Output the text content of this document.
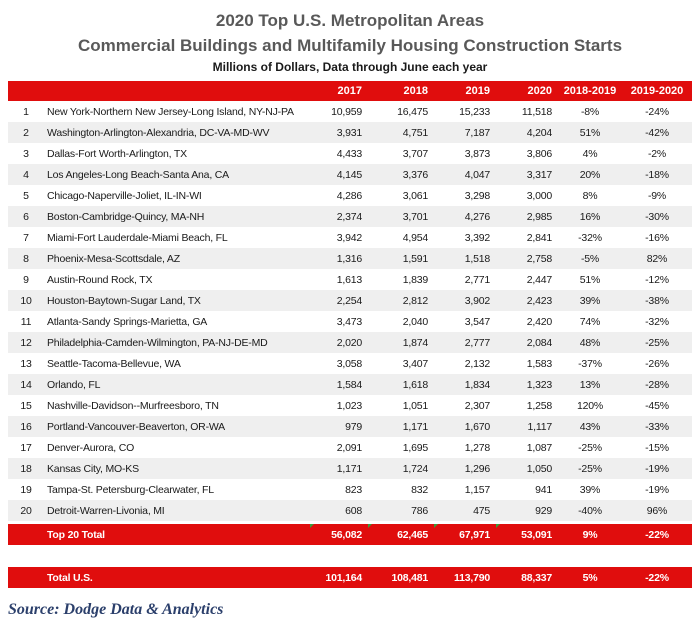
2020 Top U.S. Metropolitan Areas
Commercial Buildings and Multifamily Housing Construction Starts
Millions of Dollars, Data through June each year
		2017	2018	2019	2020	2018-2019	2019-2020
1	New York-Northern New Jersey-Long Island, NY-NJ-PA	10,959	16,475	15,233	11,518	-8%	-24%
2	Washington-Arlington-Alexandria, DC-VA-MD-WV	3,931	4,751	7,187	4,204	51%	-42%
3	Dallas-Fort Worth-Arlington, TX	4,433	3,707	3,873	3,806	4%	-2%
4	Los Angeles-Long Beach-Santa Ana, CA	4,145	3,376	4,047	3,317	20%	-18%
5	Chicago-Naperville-Joliet, IL-IN-WI	4,286	3,061	3,298	3,000	8%	-9%
6	Boston-Cambridge-Quincy, MA-NH	2,374	3,701	4,276	2,985	16%	-30%
7	Miami-Fort Lauderdale-Miami Beach, FL	3,942	4,954	3,392	2,841	-32%	-16%
8	Phoenix-Mesa-Scottsdale, AZ	1,316	1,591	1,518	2,758	-5%	82%
9	Austin-Round Rock, TX	1,613	1,839	2,771	2,447	51%	-12%
10	Houston-Baytown-Sugar Land, TX	2,254	2,812	3,902	2,423	39%	-38%
11	Atlanta-Sandy Springs-Marietta, GA	3,473	2,040	3,547	2,420	74%	-32%
12	Philadelphia-Camden-Wilmington, PA-NJ-DE-MD	2,020	1,874	2,777	2,084	48%	-25%
13	Seattle-Tacoma-Bellevue, WA	3,058	3,407	2,132	1,583	-37%	-26%
14	Orlando, FL	1,584	1,618	1,834	1,323	13%	-28%
15	Nashville-Davidson--Murfreesboro, TN	1,023	1,051	2,307	1,258	120%	-45%
16	Portland-Vancouver-Beaverton, OR-WA	979	1,171	1,670	1,117	43%	-33%
17	Denver-Aurora, CO	2,091	1,695	1,278	1,087	-25%	-15%
18	Kansas City, MO-KS	1,171	1,724	1,296	1,050	-25%	-19%
19	Tampa-St. Petersburg-Clearwater, FL	823	832	1,157	941	39%	-19%
20	Detroit-Warren-Livonia, MI	608	786	475	929	-40%	96%

	Top 20 Total	56,082	62,465	67,971	53,091	9%	-22%
	Total U.S.	101,164	108,481	113,790	88,337	5%	-22%
Source: Dodge Data & Analytics
